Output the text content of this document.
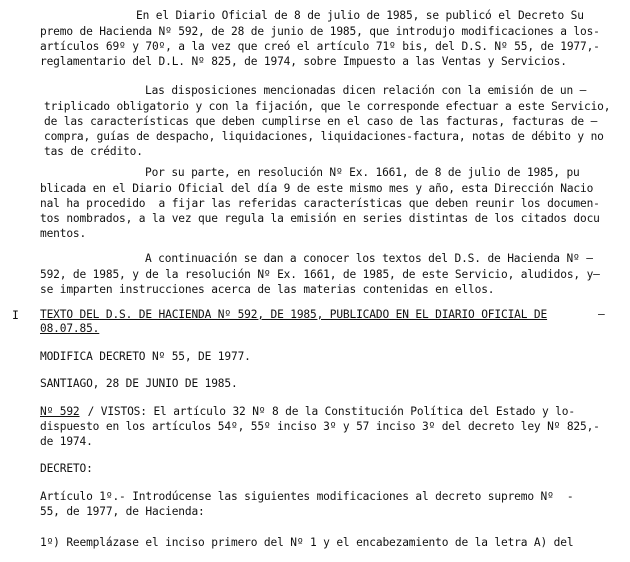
En el Diario Oficial de 8 de julio de 1985, se publicó el Decreto Su
premo de Hacienda Nº 592, de 28 de junio de 1985, que introdujo modificaciones a los-
artículos 69º y 70º, a la vez que creó el artículo 71º bis, del D.S. Nº 55, de 1977,-
reglamentario del D.L. Nº 825, de 1974, sobre Impuesto a las Ventas y Servicios.
Las disposiciones mencionadas dicen relación con la emisión de un —
triplicado obligatorio y con la fijación, que le corresponde efectuar a este Servicio,
de las características que deben cumplirse en el caso de las facturas, facturas de —
compra, guías de despacho, liquidaciones, liquidaciones-factura, notas de débito y no
tas de crédito.
Por su parte, en resolución Nº Ex. 1661, de 8 de julio de 1985, pu
blicada en el Diario Oficial del día 9 de este mismo mes y año, esta Dirección Nacio
nal ha procedido  a fijar las referidas características que deben reunir los documen-
tos nombrados, a la vez que regula la emisión en series distintas de los citados docu
mentos.
A continuación se dan a conocer los textos del D.S. de Hacienda Nº —
592, de 1985, y de la resolución Nº Ex. 1661, de 1985, de este Servicio, aludidos, y—
se imparten instrucciones acerca de las materias contenidas en ellos.
I TEXTO DEL D.S. DE HACIENDA Nº 592, DE 1985, PUBLICADO EN EL DIARIO OFICIAL DE	—
08.07.85.
MODIFICA DECRETO Nº 55, DE 1977.
SANTIAGO, 28 DE JUNIO DE 1985.
Nº 592 / VISTOS: El artículo 32 Nº 8 de la Constitución Política del Estado y lo-
dispuesto en los artículos 54º, 55º inciso 3º y 57 inciso 3º del decreto ley Nº 825,-
de 1974.
DECRETO:
Artículo 1º.- Introdúcense las siguientes modificaciones al decreto supremo Nº  -
55, de 1977, de Hacienda:
1º) Reemplázase el inciso primero del Nº 1 y el encabezamiento de la letra A) del
